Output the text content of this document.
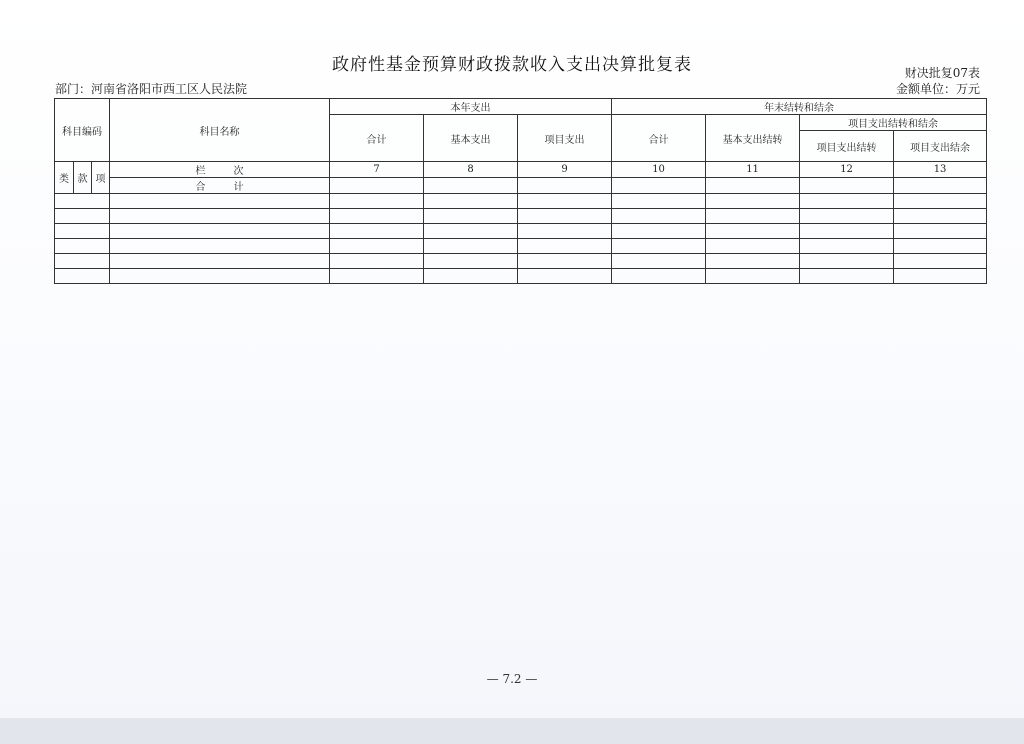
政府性基金预算财政拨款收入支出决算批复表
部门：河南省洛阳市西工区人民法院
财决批复07表
金额单位：万元
科目编码			科目名称	本年支出			年末结转和结余			
				合计	基本支出	项目支出	合计	基本支出结转	项目支出结转和结余	
									项目支出结转	项目支出结余
类	款	项	栏次	7	8	9	10	11	12	13
			合计							

— 7.2 —
